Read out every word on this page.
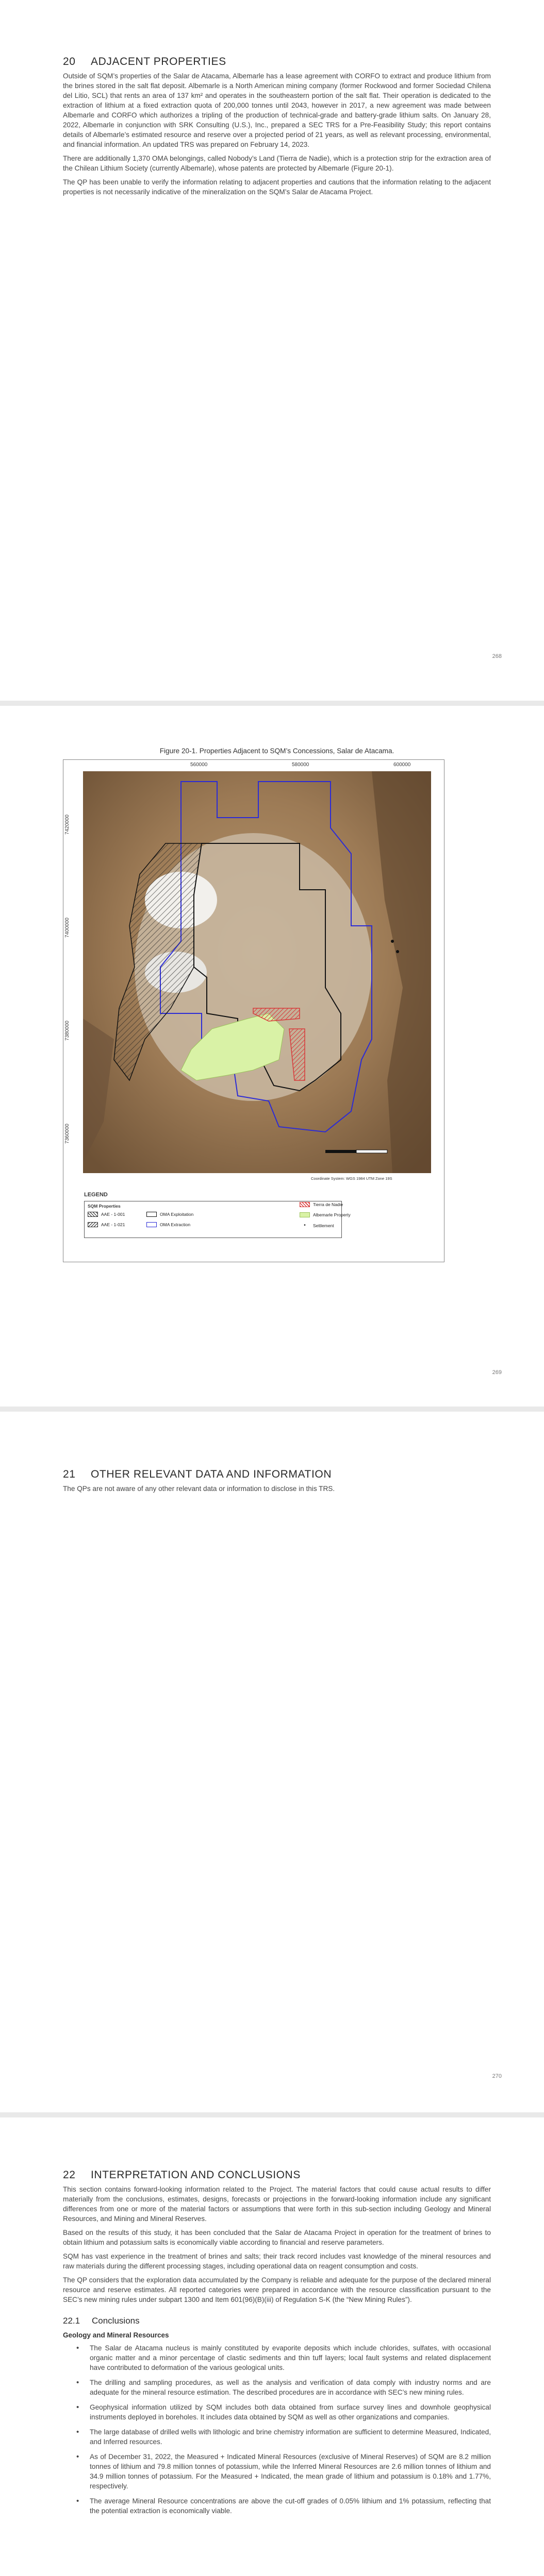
20 ADJACENT PROPERTIES

Outside of SQM’s properties of the Salar de Atacama, Albemarle has a lease agreement with CORFO to extract and produce lithium from the brines stored in the salt flat deposit. Albemarle is a North American mining company (former Rockwood and former Sociedad Chilena del Litio, SCL) that rents an area of 137 km² and operates in the southeastern portion of the salt flat. Their operation is dedicated to the extraction of lithium at a fixed extraction quota of 200,000 tonnes until 2043, however in 2017, a new agreement was made between Albemarle and CORFO which authorizes a tripling of the production of technical-grade and battery-grade lithium salts. On January 28, 2022, Albemarle in conjunction with SRK Consulting (U.S.), Inc., prepared a SEC TRS for a Pre-Feasibility Study; this report contains details of Albemarle’s estimated resource and reserve over a projected period of 21 years, as well as relevant processing, environmental, and financial information. An updated TRS was prepared on February 14, 2023.

There are additionally 1,370 OMA belongings, called Nobody’s Land (Tierra de Nadie), which is a protection strip for the extraction area of the Chilean Lithium Society (currently Albemarle), whose patents are protected by Albemarle (Figure 20-1).

The QP has been unable to verify the information relating to adjacent properties and cautions that the information relating to the adjacent properties is not necessarily indicative of the mineralization on the SQM’s Salar de Atacama Project.

268
Figure 20-1. Properties Adjacent to SQM’s Concessions, Salar de Atacama.
560000	580000	600000
7420000
7400000
7380000
7360000
Coordinate System: WGS 1984 UTM Zone 19S
LEGEND
SQM Properties
AAE - 1-001
AAE - 1-021
OMA Exploitation
OMA Extraction
Tierra de Nadie
Albemarle Property
•	Settlement
269
21 OTHER RELEVANT DATA AND INFORMATION

The QPs are not aware of any other relevant data or information to disclose in this TRS.

270
22 INTERPRETATION AND CONCLUSIONS

This section contains forward-looking information related to the Project. The material factors that could cause actual results to differ materially from the conclusions, estimates, designs, forecasts or projections in the forward-looking information include any significant differences from one or more of the material factors or assumptions that were forth in this sub-section including Geology and Mineral Resources, and Mining and Mineral Reserves.

Based on the results of this study, it has been concluded that the Salar de Atacama Project in operation for the treatment of brines to obtain lithium and potassium salts is economically viable according to financial and reserve parameters.

SQM has vast experience in the treatment of brines and salts; their track record includes vast knowledge of the mineral resources and raw materials during the different processing stages, including operational data on reagent consumption and costs.

The QP considers that the exploration data accumulated by the Company is reliable and adequate for the purpose of the declared mineral resource and reserve estimates. All reported categories were prepared in accordance with the resource classification pursuant to the SEC’s new mining rules under subpart 1300 and Item 601(96)(B)(iii) of Regulation S-K (the “New Mining Rules”).

22.1 Conclusions
Geology and Mineral Resources
• The Salar de Atacama nucleus is mainly constituted by evaporite deposits which include chlorides, sulfates, with occasional organic matter and a minor percentage of clastic sediments and thin tuff layers; local fault systems and related displacement have contributed to deformation of the various geological units.
• The drilling and sampling procedures, as well as the analysis and verification of data comply with industry norms and are adequate for the mineral resource estimation. The described procedures are in accordance with SEC’s new mining rules.
• Geophysical information utilized by SQM includes both data obtained from surface survey lines and downhole geophysical instruments deployed in boreholes. It includes data obtained by SQM as well as other organizations and companies.
• The large database of drilled wells with lithologic and brine chemistry information are sufficient to determine Measured, Indicated, and Inferred resources.
• As of December 31, 2022, the Measured + Indicated Mineral Resources (exclusive of Mineral Reserves) of SQM are 8.2 million tonnes of lithium and 79.8 million tonnes of potassium, while the Inferred Mineral Resources are 2.6 million tonnes of lithium and 34.9 million tonnes of potassium. For the Measured + Indicated, the mean grade of lithium and potassium is 0.18% and 1.77%, respectively.
• The average Mineral Resource concentrations are above the cut-off grades of 0.05% lithium and 1% potassium, reflecting that the potential extraction is economically viable.
